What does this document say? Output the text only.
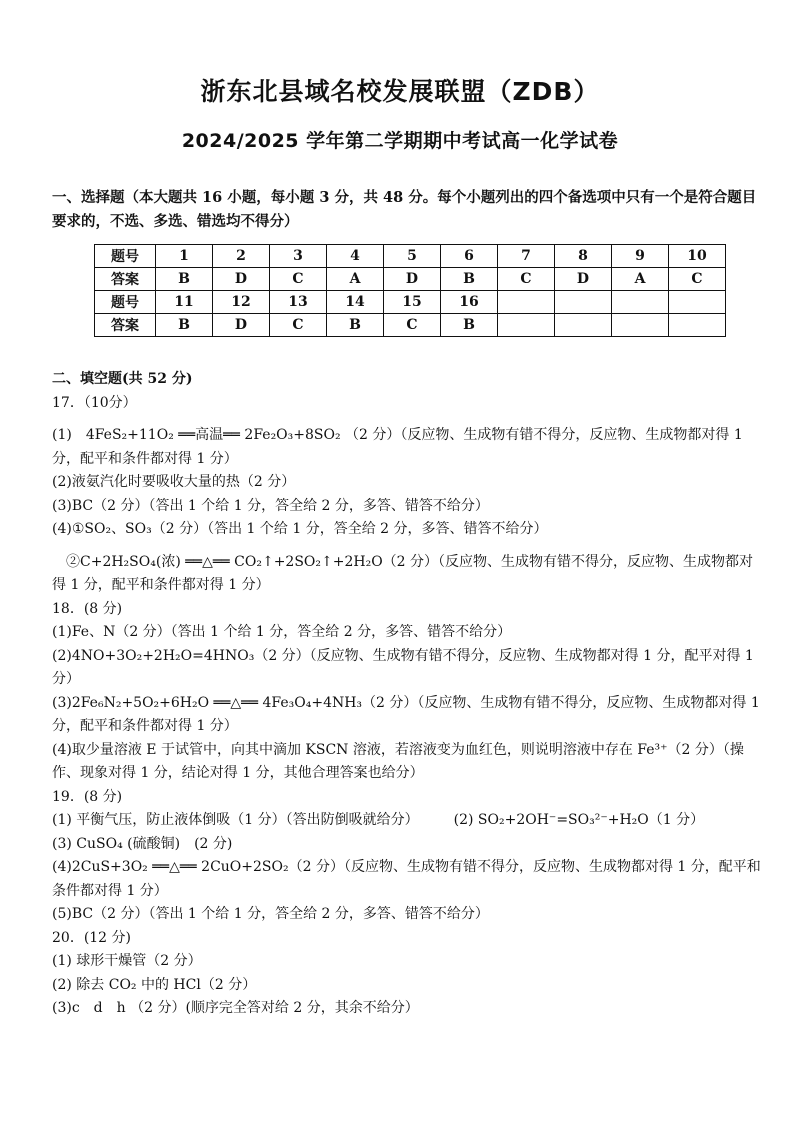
浙东北县域名校发展联盟（ZDB）
2024/2025 学年第二学期期中考试高一化学试卷
一、选择题（本大题共 16 小题，每小题 3 分，共 48 分。每个小题列出的四个备选项中只有一个是符合题目要求的，不选、多选、错选均不得分）
题号	1	2	3	4	5	6	7	8	9	10
答案	B	D	C	A	D	B	C	D	A	C
题号	11	12	13	14	15	16				
答案	B	D	C	B	C	B				

二、填空题(共 52 分)

17．（10分）

(1)　4FeS₂+11O₂ ══高温══ 2Fe₂O₃+8SO₂ （2 分）（反应物、生成物有错不得分，反应物、生成物都对得 1 分，配平和条件都对得 1 分）

(2)液氨汽化时要吸收大量的热（2 分）

(3)BC（2 分）（答出 1 个给 1 分，答全给 2 分，多答、错答不给分）

(4)①SO₂、SO₃（2 分）（答出 1 个给 1 分，答全给 2 分，多答、错答不给分）

　②C+2H₂SO₄(浓) ══△══ CO₂↑+2SO₂↑+2H₂O（2 分）（反应物、生成物有错不得分，反应物、生成物都对得 1 分，配平和条件都对得 1 分）

18．(8 分)

(1)Fe、N（2 分）（答出 1 个给 1 分，答全给 2 分，多答、错答不给分）

(2)4NO+3O₂+2H₂O=4HNO₃（2 分）（反应物、生成物有错不得分，反应物、生成物都对得 1 分，配平对得 1 分）

(3)2Fe₆N₂+5O₂+6H₂O ══△══ 4Fe₃O₄+4NH₃（2 分）（反应物、生成物有错不得分，反应物、生成物都对得 1 分，配平和条件都对得 1 分）

(4)取少量溶液 E 于试管中，向其中滴加 KSCN 溶液，若溶液变为血红色，则说明溶液中存在 Fe³⁺（2 分）（操作、现象对得 1 分，结论对得 1 分，其他合理答案也给分）

19．(8 分)

(1) 平衡气压，防止液体倒吸（1 分）（答出防倒吸就给分）　　　(2) SO₂+2OH⁻=SO₃²⁻+H₂O（1 分）

(3) CuSO₄ (硫酸铜)　(2 分)

(4)2CuS+3O₂ ══△══ 2CuO+2SO₂（2 分）（反应物、生成物有错不得分，反应物、生成物都对得 1 分，配平和条件都对得 1 分）

(5)BC（2 分）（答出 1 个给 1 分，答全给 2 分，多答、错答不给分）

20．(12 分)

(1) 球形干燥管（2 分）

(2) 除去 CO₂ 中的 HCl（2 分）

(3)c　d　h （2 分）(顺序完全答对给 2 分，其余不给分）
